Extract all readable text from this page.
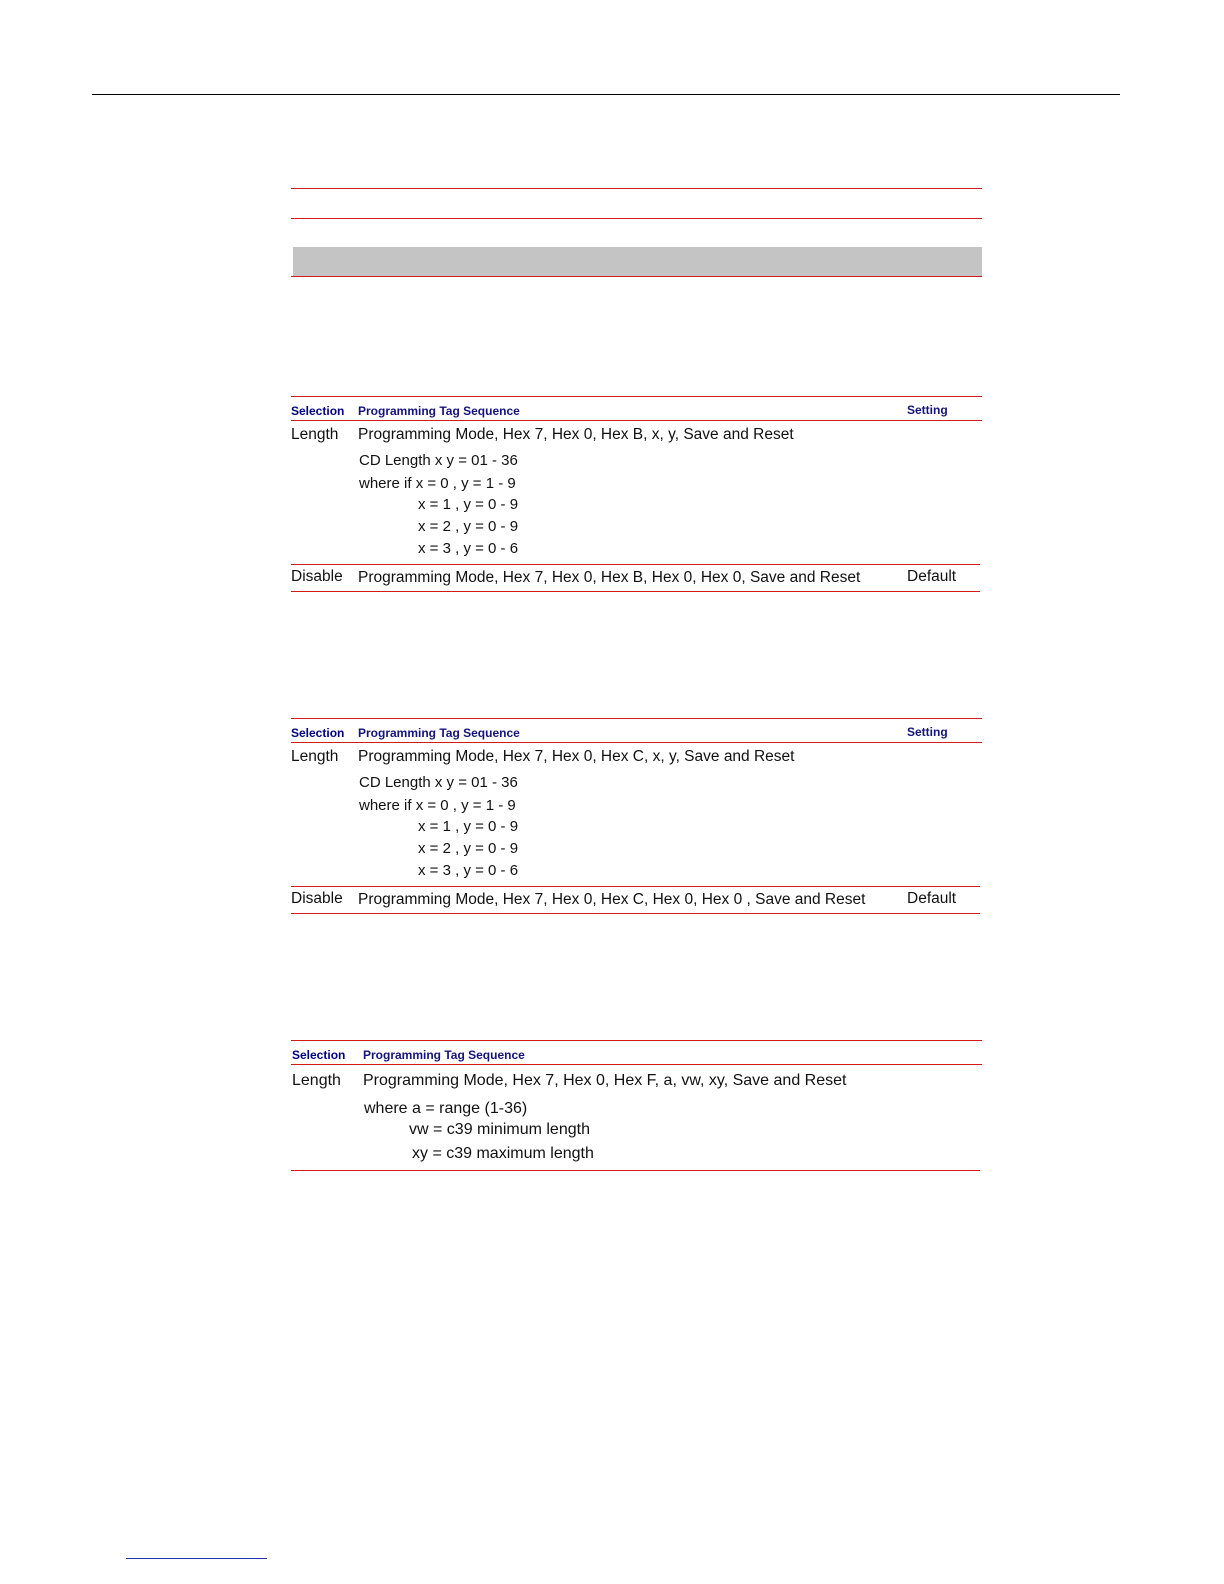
Selection Programming Tag Sequence	Setting
Length Programming Mode, Hex 7, Hex 0, Hex B, x, y, Save and Reset
CD Length x y = 01 - 36
where if x = 0 , y = 1 - 9
x = 1 , y = 0 - 9
x = 2 , y = 0 - 9
x = 3 , y = 0 - 6
Disable Programming Mode, Hex 7, Hex 0, Hex B, Hex 0, Hex 0, Save and Reset	Default
Selection Programming Tag Sequence	Setting
Length Programming Mode, Hex 7, Hex 0, Hex C, x, y, Save and Reset
CD Length x y = 01 - 36
where if x = 0 , y = 1 - 9
x = 1 , y = 0 - 9
x = 2 , y = 0 - 9
x = 3 , y = 0 - 6
Disable Programming Mode, Hex 7, Hex 0, Hex C, Hex 0, Hex 0 , Save and Reset	Default
Selection Programming Tag Sequence
Length Programming Mode, Hex 7, Hex 0, Hex F, a, vw, xy, Save and Reset
where a = range (1-36)
vw = c39 minimum length
xy = c39 maximum length
